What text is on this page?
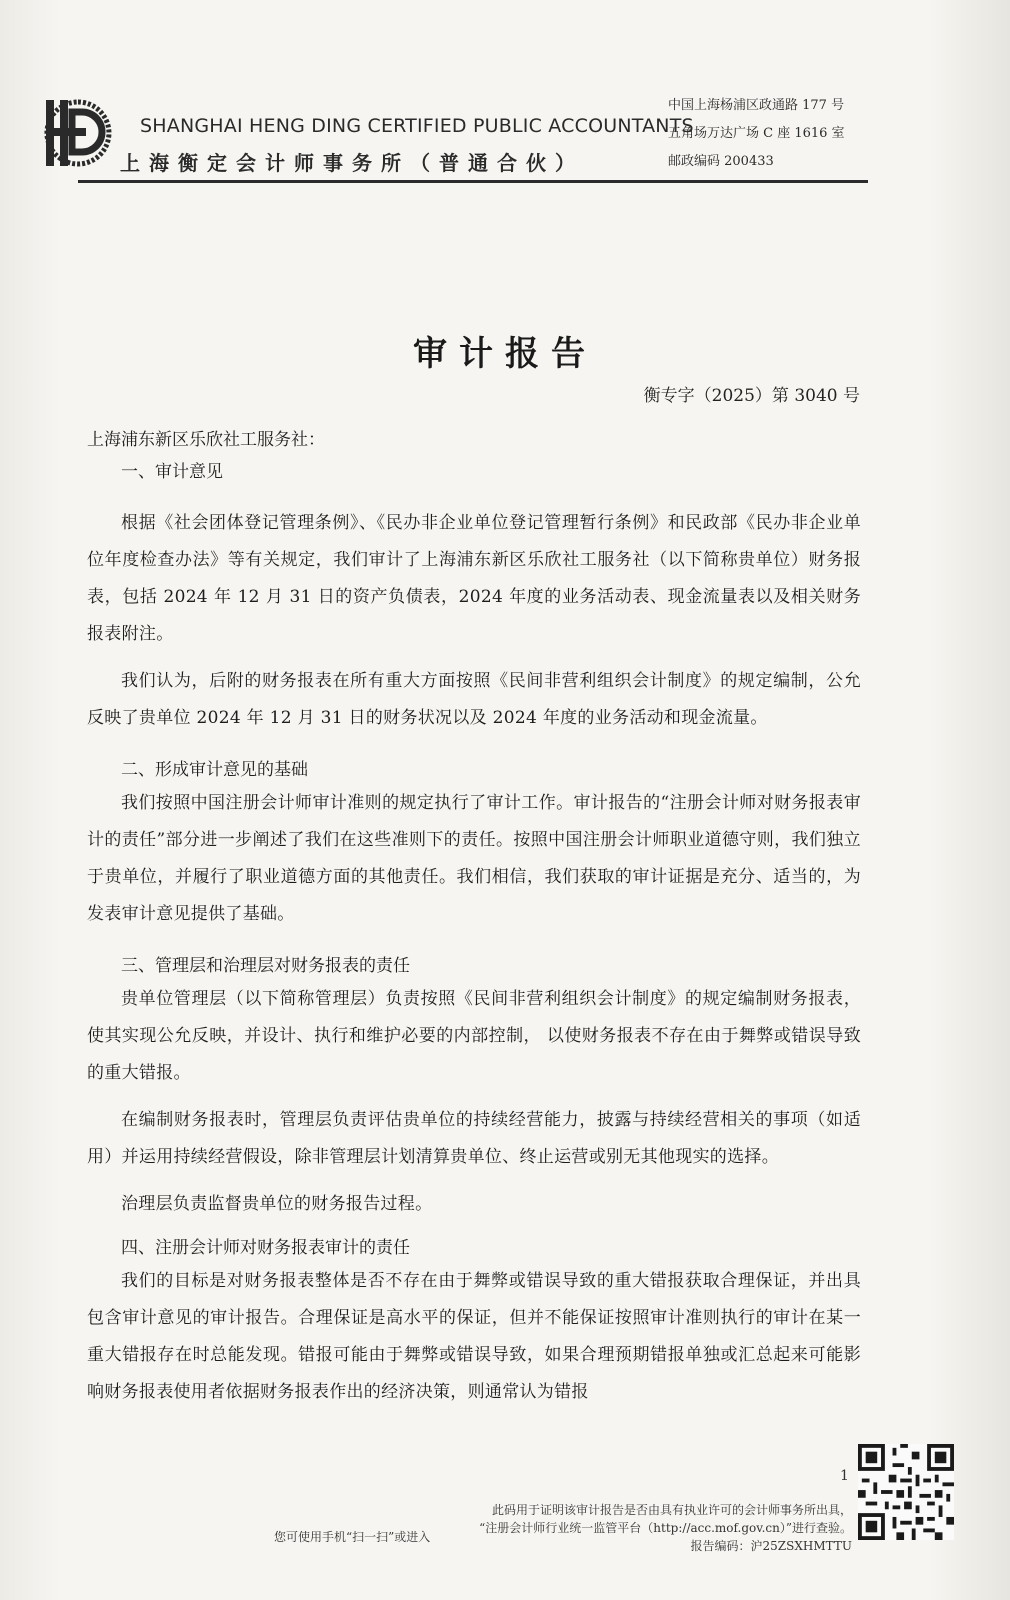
SHANGHAI HENG DING CERTIFIED PUBLIC ACCOUNTANTS
上海衡定会计师事务所（普通合伙）
中国上海杨浦区政通路 177 号
五角场万达广场 C 座 1616 室
邮政编码 200433
审计报告
衡专字（2025）第 3040 号

上海浦东新区乐欣社工服务社：

一、审计意见

根据《社会团体登记管理条例》、《民办非企业单位登记管理暂行条例》和民政部《民办非企业单位年度检查办法》等有关规定，我们审计了上海浦东新区乐欣社工服务社（以下简称贵单位）财务报表，包括 2024 年 12 月 31 日的资产负债表，2024 年度的业务活动表、现金流量表以及相关财务报表附注。

我们认为，后附的财务报表在所有重大方面按照《民间非营利组织会计制度》的规定编制，公允反映了贵单位 2024 年 12 月 31 日的财务状况以及 2024 年度的业务活动和现金流量。

二、形成审计意见的基础

我们按照中国注册会计师审计准则的规定执行了审计工作。审计报告的“注册会计师对财务报表审计的责任”部分进一步阐述了我们在这些准则下的责任。按照中国注册会计师职业道德守则，我们独立于贵单位，并履行了职业道德方面的其他责任。我们相信，我们获取的审计证据是充分、适当的，为发表审计意见提供了基础。

三、管理层和治理层对财务报表的责任

贵单位管理层（以下简称管理层）负责按照《民间非营利组织会计制度》的规定编制财务报表，使其实现公允反映，并设计、执行和维护必要的内部控制， 以使财务报表不存在由于舞弊或错误导致的重大错报。

在编制财务报表时，管理层负责评估贵单位的持续经营能力，披露与持续经营相关的事项（如适用）并运用持续经营假设，除非管理层计划清算贵单位、终止运营或别无其他现实的选择。

治理层负责监督贵单位的财务报告过程。

四、注册会计师对财务报表审计的责任

我们的目标是对财务报表整体是否不存在由于舞弊或错误导致的重大错报获取合理保证，并出具包含审计意见的审计报告。合理保证是高水平的保证，但并不能保证按照审计准则执行的审计在某一重大错报存在时总能发现。错报可能由于舞弊或错误导致，如果合理预期错报单独或汇总起来可能影响财务报表使用者依据财务报表作出的经济决策，则通常认为错报

1
此码用于证明该审计报告是否由具有执业许可的会计师事务所出具，
“注册会计师行业统一监管平台（http://acc.mof.gov.cn）”进行查验。
报告编码：沪25ZSXHMTTU
您可使用手机“扫一扫”或进入
